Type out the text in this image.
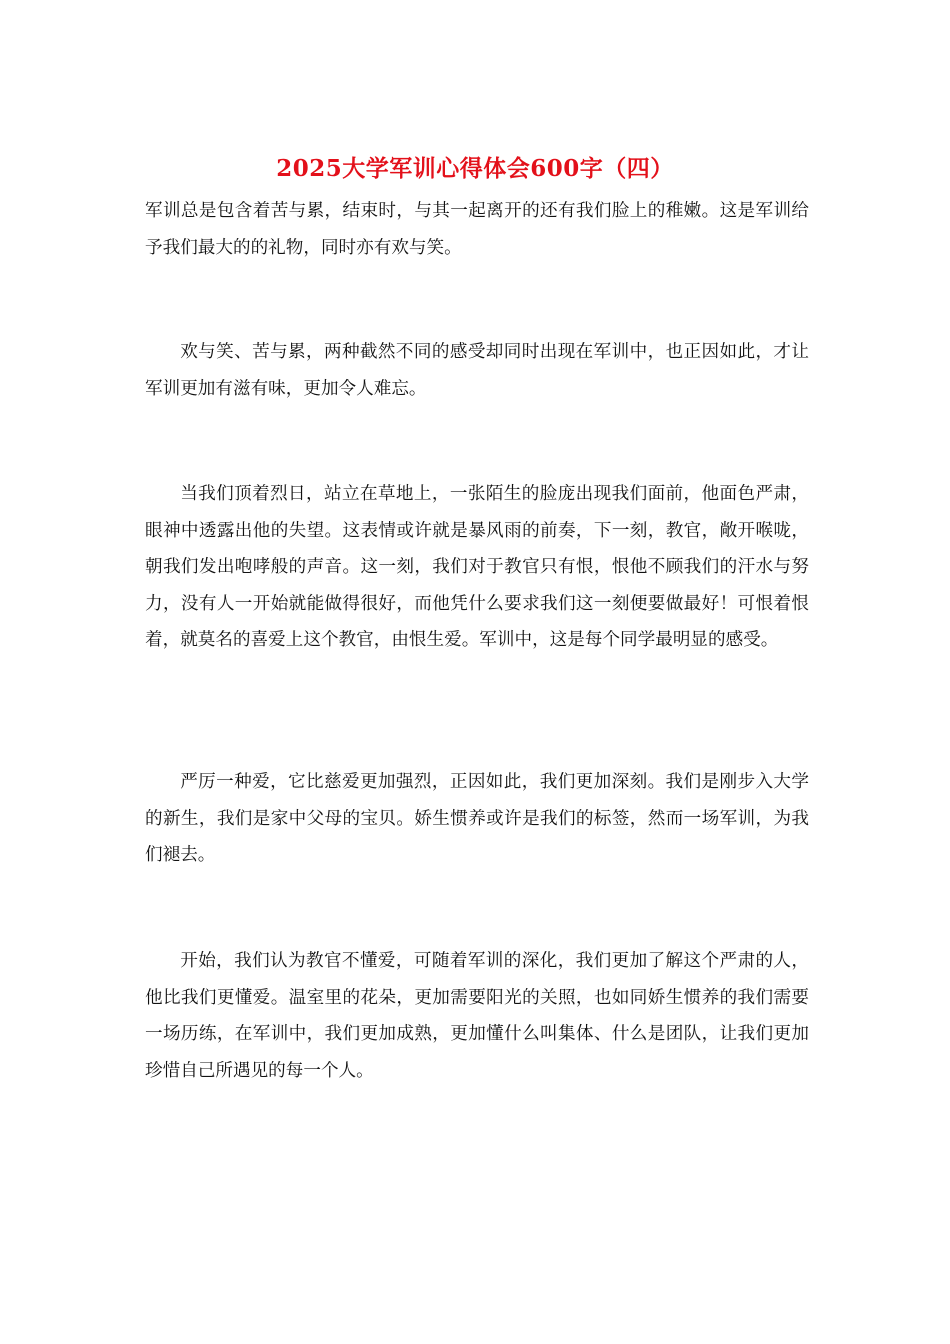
2025大学军训心得体会600字（四）

军训总是包含着苦与累，结束时，与其一起离开的还有我们脸上的稚嫩。这是军训给予我们最大的的礼物，同时亦有欢与笑。

欢与笑、苦与累，两种截然不同的感受却同时出现在军训中，也正因如此，才让军训更加有滋有味，更加令人难忘。

当我们顶着烈日，站立在草地上，一张陌生的脸庞出现我们面前，他面色严肃，眼神中透露出他的失望。这表情或许就是暴风雨的前奏，下一刻，教官，敞开喉咙，朝我们发出咆哮般的声音。这一刻，我们对于教官只有恨，恨他不顾我们的汗水与努力，没有人一开始就能做得很好，而他凭什么要求我们这一刻便要做最好！可恨着恨着，就莫名的喜爱上这个教官，由恨生爱。军训中，这是每个同学最明显的感受。

严厉一种爱，它比慈爱更加强烈，正因如此，我们更加深刻。我们是刚步入大学的新生，我们是家中父母的宝贝。娇生惯养或许是我们的标签，然而一场军训，为我们褪去。

开始，我们认为教官不懂爱，可随着军训的深化，我们更加了解这个严肃的人，他比我们更懂爱。温室里的花朵，更加需要阳光的关照，也如同娇生惯养的我们需要一场历练，在军训中，我们更加成熟，更加懂什么叫集体、什么是团队，让我们更加珍惜自己所遇见的每一个人。
